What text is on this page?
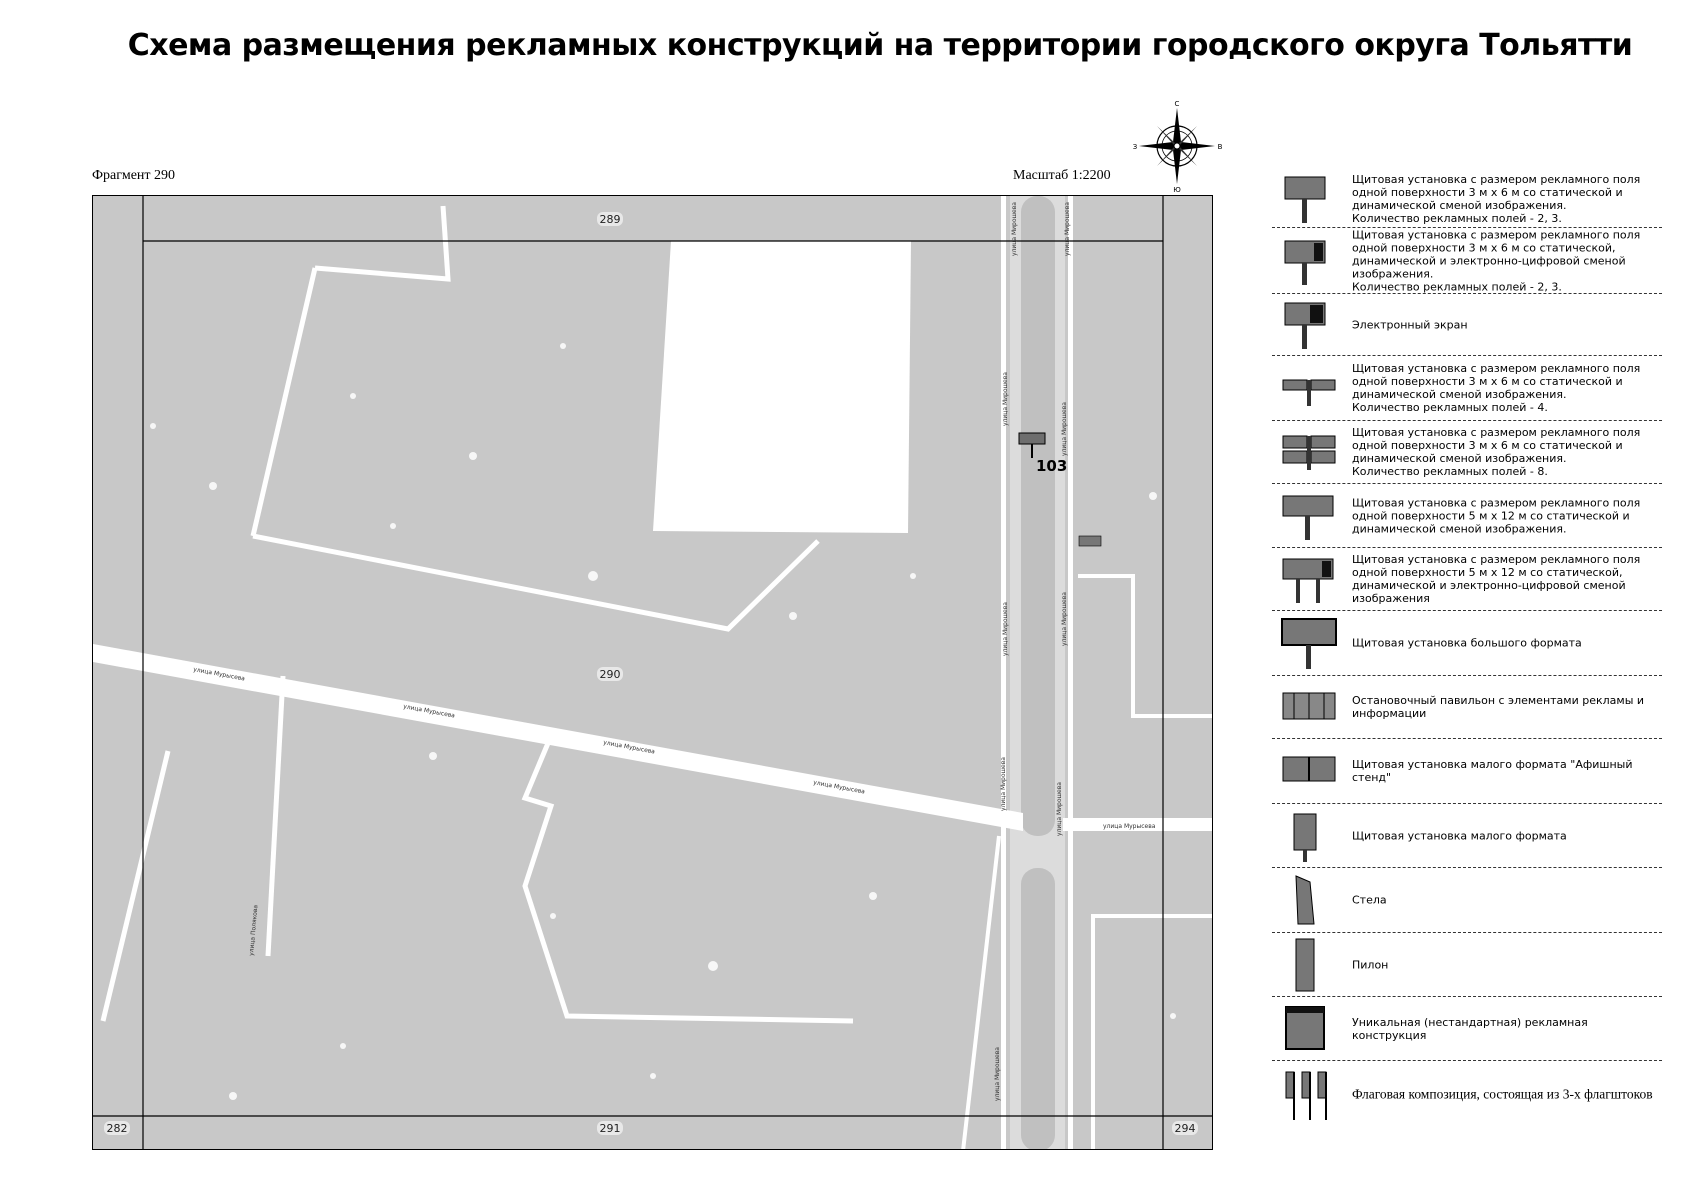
Схема размещения рекламных конструкций на территории городского округа Тольятти
Фрагмент 290	Масштаб 1:2200
С
Ю
З	В
289
290
291
282	294
улица Мурысева
улица Мурысева
улица Мурысева
улица Мурысева
улица Мурысева
улица Мирошева	улица Мирошева
улица Мирошева
улица Мирошева
улица Мирошева	улица Мирошева
улица Мирошева	улица Мирошева
улица Мирошева
улица Полякова
103
Щитовая установка с размером рекламного поля одной поверхности 3 м х 6 м со статической и динамической сменой изображения.
Количество рекламных полей - 2, 3.
Щитовая установка с размером рекламного поля одной поверхности 3 м х 6 м со статической, динамической и электронно-цифровой сменой изображения.
Количество рекламных полей - 2, 3.
Электронный экран
Щитовая установка с размером рекламного поля одной поверхности 3 м х 6 м со статической и динамической сменой изображения.
Количество рекламных полей - 4.
Щитовая установка с размером рекламного поля одной поверхности 3 м х 6 м со статической и динамической сменой изображения.
Количество рекламных полей - 8.
Щитовая установка с размером рекламного поля одной поверхности 5 м х 12 м со статической и динамической сменой изображения.
Щитовая установка с размером рекламного поля одной поверхности 5 м х 12 м со статической, динамической и электронно-цифровой сменой изображения
Щитовая установка большого формата
Остановочный павильон с элементами рекламы и информации
Щитовая установка малого формата "Афишный стенд"
Щитовая установка малого формата
Стела
Пилон
Уникальная (нестандартная) рекламная конструкция
Флаговая композиция, состоящая из 3-х флагштоков
